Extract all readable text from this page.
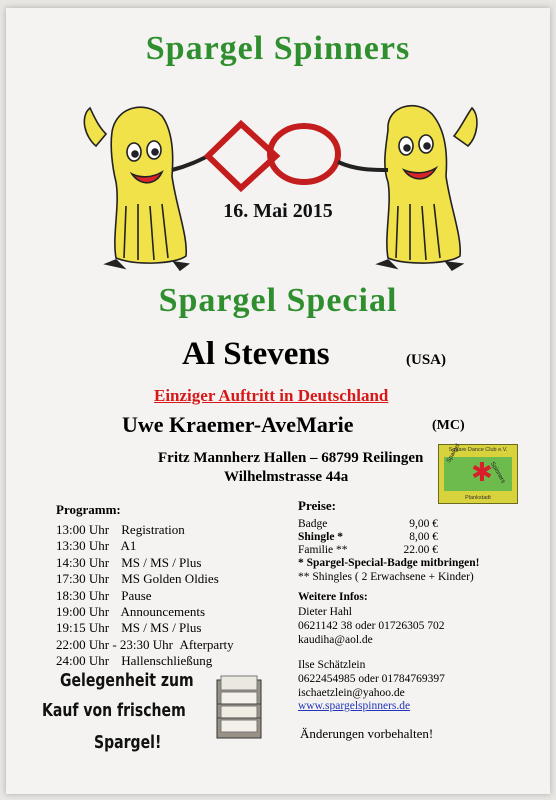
Spargel Spinners
16. Mai 2015
Spargel Special
Al Stevens	(USA)
Einziger Auftritt in Deutschland
Uwe Kraemer-AveMarie	(MC)
Fritz Mannherz Hallen – 68799 Reilingen
Wilhelmstrasse 44a
Square Dance Club e.V.
Spargel
✱
Spinners
Plankstadt
Programm:
13:00 Uhr Registration
13:30 Uhr A1
14:30 Uhr MS / MS / Plus
17:30 Uhr MS Golden Oldies
18:30 Uhr Pause
19:00 Uhr Announcements
19:15 Uhr MS / MS / Plus
22:00 Uhr - 23:30 Uhr Afterparty
24:00 Uhr Hallenschließung
Preise:
Badge	9,00 €
Shingle *	8,00 €
Familie **	22.00 €
* Spargel-Special-Badge mitbringen!
** Shingles ( 2 Erwachsene + Kinder)
Weitere Infos:
Dieter Hahl
0621142 38 oder 01726305 702
kaudiha@aol.de
Ilse Schätzlein
0622454985 oder 01784769397
ischaetzlein@yahoo.de
www.spargelspinners.de
Änderungen vorbehalten!
Gelegenheit zum
Kauf von frischem
Spargel!
